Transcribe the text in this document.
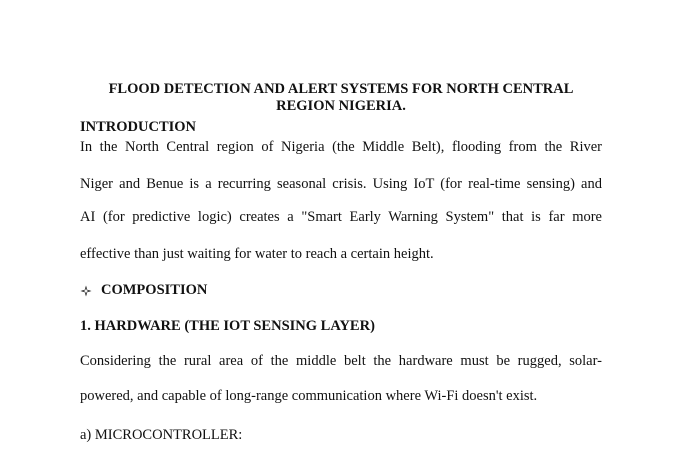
FLOOD DETECTION AND ALERT SYSTEMS FOR NORTH CENTRAL

REGION NIGERIA.

INTRODUCTION

In the North Central region of Nigeria (the Middle Belt), flooding from the River

Niger and Benue is a recurring seasonal crisis. Using IoT (for real-time sensing) and

AI (for predictive logic) creates a "Smart Early Warning System" that is far more

effective than just waiting for water to reach a certain height.

COMPOSITION

1. HARDWARE (THE IOT SENSING LAYER)

Considering the rural area of the middle belt the hardware must be rugged, solar-

powered, and capable of long-range communication where Wi-Fi doesn't exist.

a) MICROCONTROLLER:
